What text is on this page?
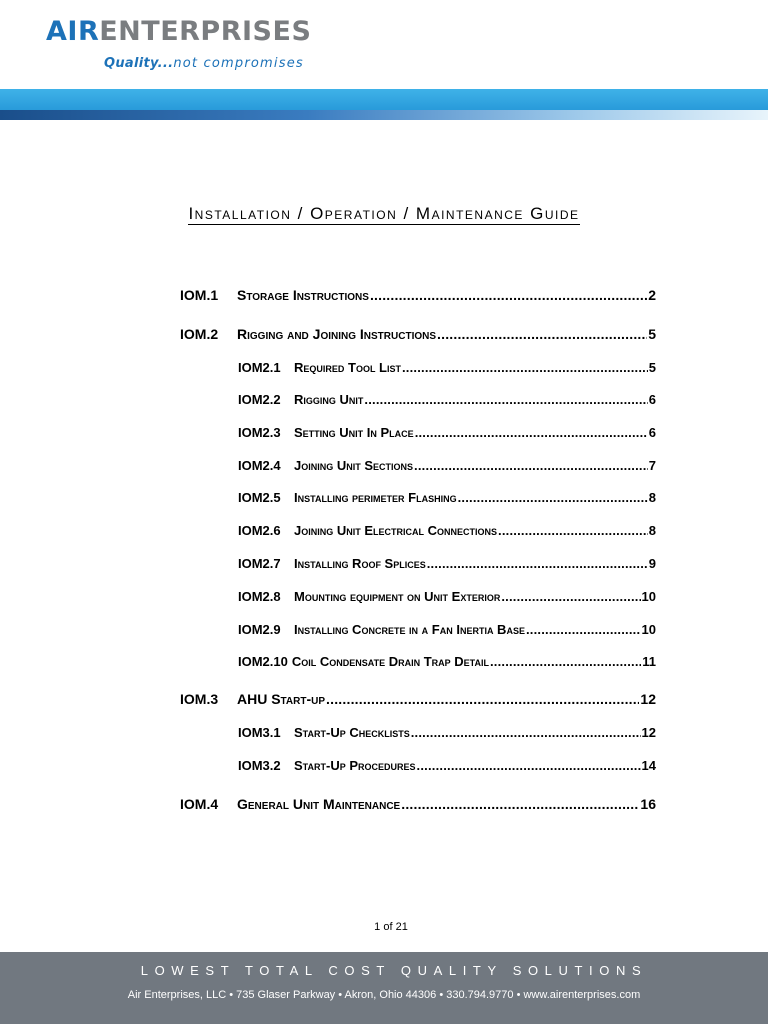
AIRENTERPRISES
Quality...not compromises
Installation / Operation / Maintenance Guide
IOM.1	Storage Instructions .....	2
IOM.2	Rigging and Joining Instructions .....	5
IOM2.1	Required Tool List .....	5
IOM2.2	Rigging Unit .....	6
IOM2.3	Setting Unit In Place .....	6
IOM2.4	Joining Unit Sections .....	7
IOM2.5	Installing perimeter Flashing .....	8
IOM2.6	Joining Unit Electrical Connections .....	8
IOM2.7	Installing Roof Splices .....	9
IOM2.8	Mounting equipment on Unit Exterior .....	10
IOM2.9	Installing Concrete in a Fan Inertia Base .....	10
IOM2.10 Coil Condensate Drain Trap Detail .....	11
IOM.3	AHU Start-up .....	12
IOM3.1	Start-Up Checklists .....	12
IOM3.2	Start-Up Procedures .....	14
IOM.4	General Unit Maintenance .....	16
1 of 21
LOWEST TOTAL COST QUALITY SOLUTIONS
Air Enterprises, LLC • 735 Glaser Parkway • Akron, Ohio 44306 • 330.794.9770 • www.airenterprises.com
